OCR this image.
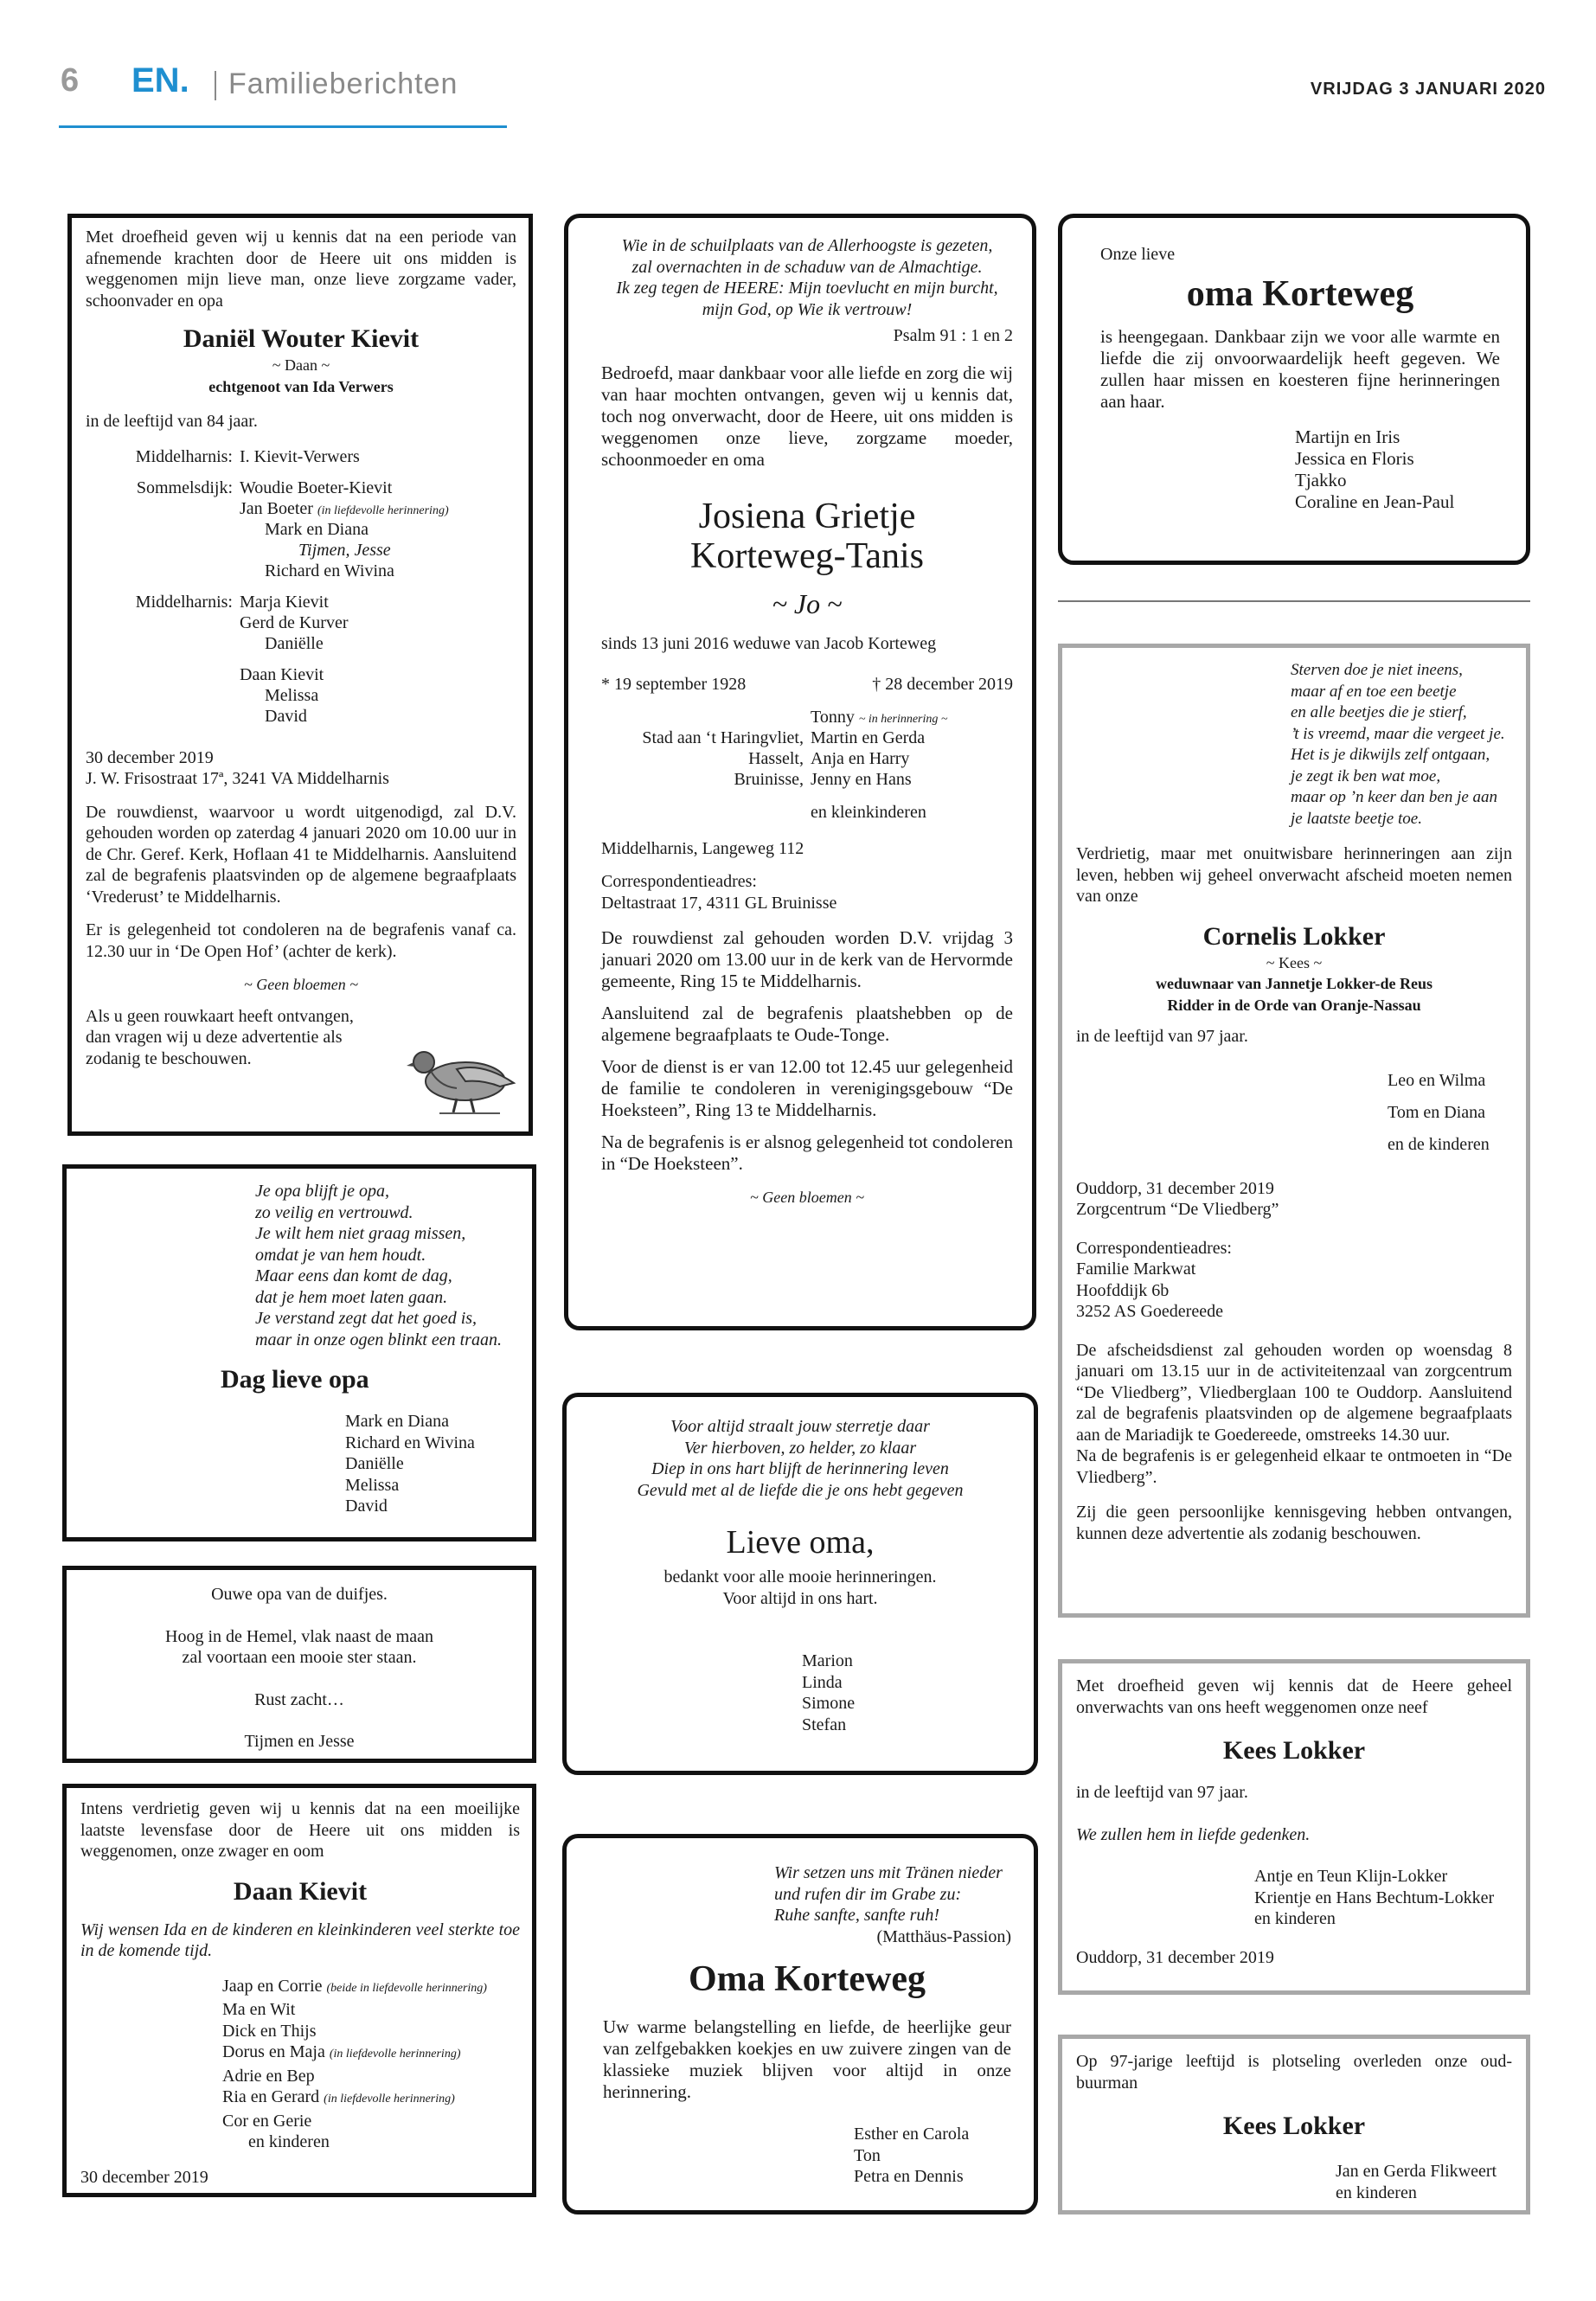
6 EN. Familieberichten	VRIJDAG 3 JANUARI 2020

Met droefheid geven wij u kennis dat na een periode van afnemende krachten door de Heere uit ons midden is weggenomen mijn lieve man, onze lieve zorgzame vader, schoonvader en opa

Daniël Wouter Kievit
~ Daan ~
echtgenoot van Ida Verwers

in de leeftijd van 84 jaar.

Middelharnis: I. Kievit-Verwers
Sommelsdijk: Woudie Boeter-Kievit
Jan Boeter (in liefdevolle herinnering)
Mark en Diana
Tijmen, Jesse
Richard en Wivina
Middelharnis: Marja Kievit
Gerd de Kurver
Daniëlle
Daan Kievit
Melissa
David

30 december 2019

J. W. Frisostraat 17ª, 3241 VA Middelharnis

De rouwdienst, waarvoor u wordt uitgenodigd, zal D.V. gehouden worden op zaterdag 4 januari 2020 om 10.00 uur in de Chr. Geref. Kerk, Hoflaan 41 te Middelharnis. Aansluitend zal de begrafenis plaatsvinden op de algemene begraafplaats ‘Vrederust’ te Middelharnis.

Er is gelegenheid tot condoleren na de begrafenis vanaf ca. 12.30 uur in ‘De Open Hof’ (achter de kerk).

~ Geen bloemen ~

Als u geen rouwkaart heeft ontvangen,

dan vragen wij u deze advertentie als

zodanig te beschouwen.

Je opa blijft je opa,

zo veilig en vertrouwd.

Je wilt hem niet graag missen,

omdat je van hem houdt.

Maar eens dan komt de dag,

dat je hem moet laten gaan.

Je verstand zegt dat het goed is,

maar in onze ogen blinkt een traan.

Dag lieve opa

Mark en Diana

Richard en Wivina

Daniëlle

Melissa

David

Ouwe opa van de duifjes.

Hoog in de Hemel, vlak naast de maan

zal voortaan een mooie ster staan.

Rust zacht…

Tijmen en Jesse

Intens verdrietig geven wij u kennis dat na een moeilijke laatste levensfase door de Heere uit ons midden is weggenomen, onze zwager en oom

Daan Kievit

Wij wensen Ida en de kinderen en kleinkinderen veel sterkte toe in de komende tijd.

Jaap en Corrie (beide in liefdevolle herinnering)

Ma en Wit

Dick en Thijs

Dorus en Maja (in liefdevolle herinnering)

Adrie en Bep

Ria en Gerard (in liefdevolle herinnering)

Cor en Gerie

en kinderen

30 december 2019

Wie in de schuilplaats van de Allerhoogste is gezeten,

zal overnachten in de schaduw van de Almachtige.

Ik zeg tegen de HEERE: Mijn toevlucht en mijn burcht,

mijn God, op Wie ik vertrouw!

Psalm 91 : 1 en 2

Bedroefd, maar dankbaar voor alle liefde en zorg die wij van haar mochten ontvangen, geven wij u kennis dat, toch nog onverwacht, door de Heere, uit ons midden is weggenomen onze lieve, zorgzame moeder, schoonmoeder en oma

Josiena Grietje
Korteweg-Tanis
~ Jo ~

sinds 13 juni 2016 weduwe van Jacob Korteweg

* 19 september 1928	† 28 december 2019
Tonny ~ in herinnering ~
Stad aan ‘t Haringvliet, Martin en Gerda
Hasselt, Anja en Harry
Bruinisse, Jenny en Hans
en kleinkinderen

Middelharnis, Langeweg 112

Correspondentieadres:

Deltastraat 17, 4311 GL Bruinisse

De rouwdienst zal gehouden worden D.V. vrijdag 3 januari 2020 om 13.00 uur in de kerk van de Hervormde gemeente, Ring 15 te Middelharnis.

Aansluitend zal de begrafenis plaatshebben op de algemene begraafplaats te Oude-Tonge.

Voor de dienst is er van 12.00 tot 12.45 uur gelegenheid de familie te condoleren in verenigingsgebouw “De Hoeksteen”, Ring 13 te Middelharnis.

Na de begrafenis is er alsnog gelegenheid tot condoleren in “De Hoeksteen”.

~ Geen bloemen ~

Voor altijd straalt jouw sterretje daar

Ver hierboven, zo helder, zo klaar

Diep in ons hart blijft de herinnering leven

Gevuld met al de liefde die je ons hebt gegeven

Lieve oma,

bedankt voor alle mooie herinneringen.

Voor altijd in ons hart.

Marion

Linda

Simone

Stefan

Wir setzen uns mit Tränen nieder

und rufen dir im Grabe zu:

Ruhe sanfte, sanfte ruh!

(Matthäus-Passion)

Oma Korteweg

Uw warme belangstelling en liefde, de heerlijke geur van zelfgebakken koekjes en uw zuivere zingen van de klassieke muziek blijven voor altijd in onze herinnering.

Esther en Carola

Ton

Petra en Dennis

Onze lieve

oma Korteweg

is heengegaan. Dankbaar zijn we voor alle warmte en liefde die zij onvoorwaardelijk heeft gegeven. We zullen haar missen en koesteren fijne herinneringen aan haar.

Martijn en Iris

Jessica en Floris

Tjakko

Coraline en Jean-Paul

Sterven doe je niet ineens,

maar af en toe een beetje

en alle beetjes die je stierf,

’t is vreemd, maar die vergeet je.

Het is je dikwijls zelf ontgaan,

je zegt ik ben wat moe,

maar op ’n keer dan ben je aan

je laatste beetje toe.

Verdrietig, maar met onuitwisbare herinneringen aan zijn leven, hebben wij geheel onverwacht afscheid moeten nemen van onze

Cornelis Lokker
~ Kees ~
weduwnaar van Jannetje Lokker-de Reus
Ridder in de Orde van Oranje-Nassau

in de leeftijd van 97 jaar.

Leo en Wilma

Tom en Diana

en de kinderen

Ouddorp, 31 december 2019

Zorgcentrum “De Vliedberg”

Correspondentieadres:

Familie Markwat

Hoofddijk 6b

3252 AS Goedereede

De afscheidsdienst zal gehouden worden op woensdag 8 januari om 13.15 uur in de activiteitenzaal van zorgcentrum “De Vliedberg”, Vliedberglaan 100 te Ouddorp. Aansluitend zal de begrafenis plaatsvinden op de algemene begraafplaats aan de Mariadijk te Goedereede, omstreeks 14.30 uur.

Na de begrafenis is er gelegenheid elkaar te ontmoeten in “De Vliedberg”.

Zij die geen persoonlijke kennisgeving hebben ontvangen, kunnen deze advertentie als zodanig beschouwen.

Met droefheid geven wij kennis dat de Heere geheel onverwachts van ons heeft weggenomen onze neef

Kees Lokker

in de leeftijd van 97 jaar.

We zullen hem in liefde gedenken.

Antje en Teun Klijn-Lokker

Krientje en Hans Bechtum-Lokker

en kinderen

Ouddorp, 31 december 2019

Op 97-jarige leeftijd is plotseling overleden onze oud-buurman

Kees Lokker

Jan en Gerda Flikweert

en kinderen
